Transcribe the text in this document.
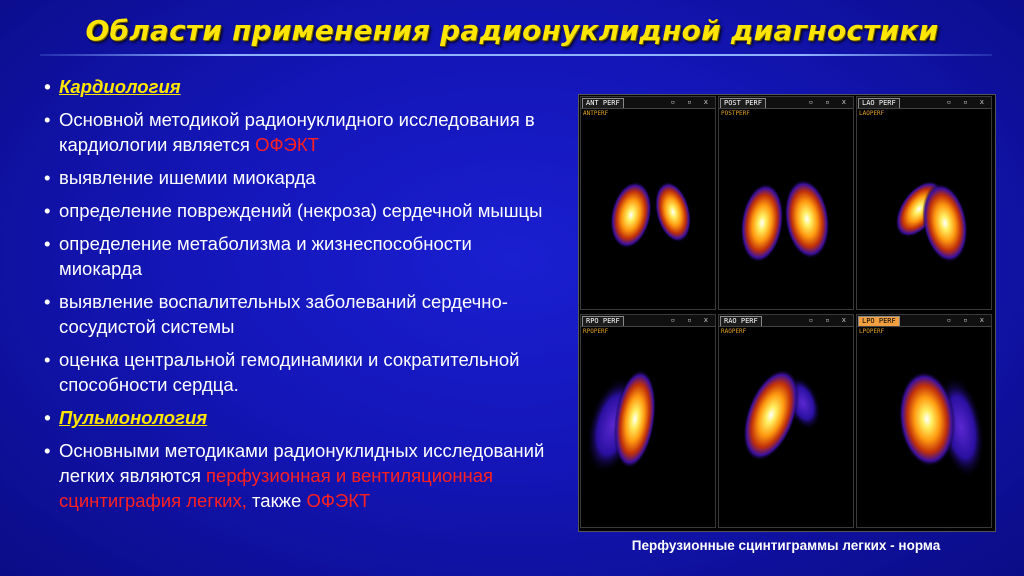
Области применения радионуклидной диагностики
• Кардиология
• Основной методикой радионуклидного исследования в кардиологии является ОФЭКТ
• выявление ишемии миокарда
• определение повреждений (некроза) сердечной мышцы
• определение метаболизма и жизнеспособности миокарда
• выявление воспалительных заболеваний сердечно-сосудистой системы
• оценка центральной гемодинамики и сократительной способности сердца.
• Пульмонология
• Основными методиками радионуклидных исследований легких являются перфузионная и вентиляционная сцинтиграфия легких, также ОФЭКТ
ANT PERF	▫ ▫ x
ANTPERF
POST PERF	▫ ▫ x
POSTPERF
LAO PERF	▫ ▫ x
LAOPERF
RPO PERF	▫ ▫ x
RPOPERF
RAO PERF	▫ ▫ x
RAOPERF
LPO PERF	▫ ▫ x
LPOPERF
Перфузионные сцинтиграммы легких - норма
